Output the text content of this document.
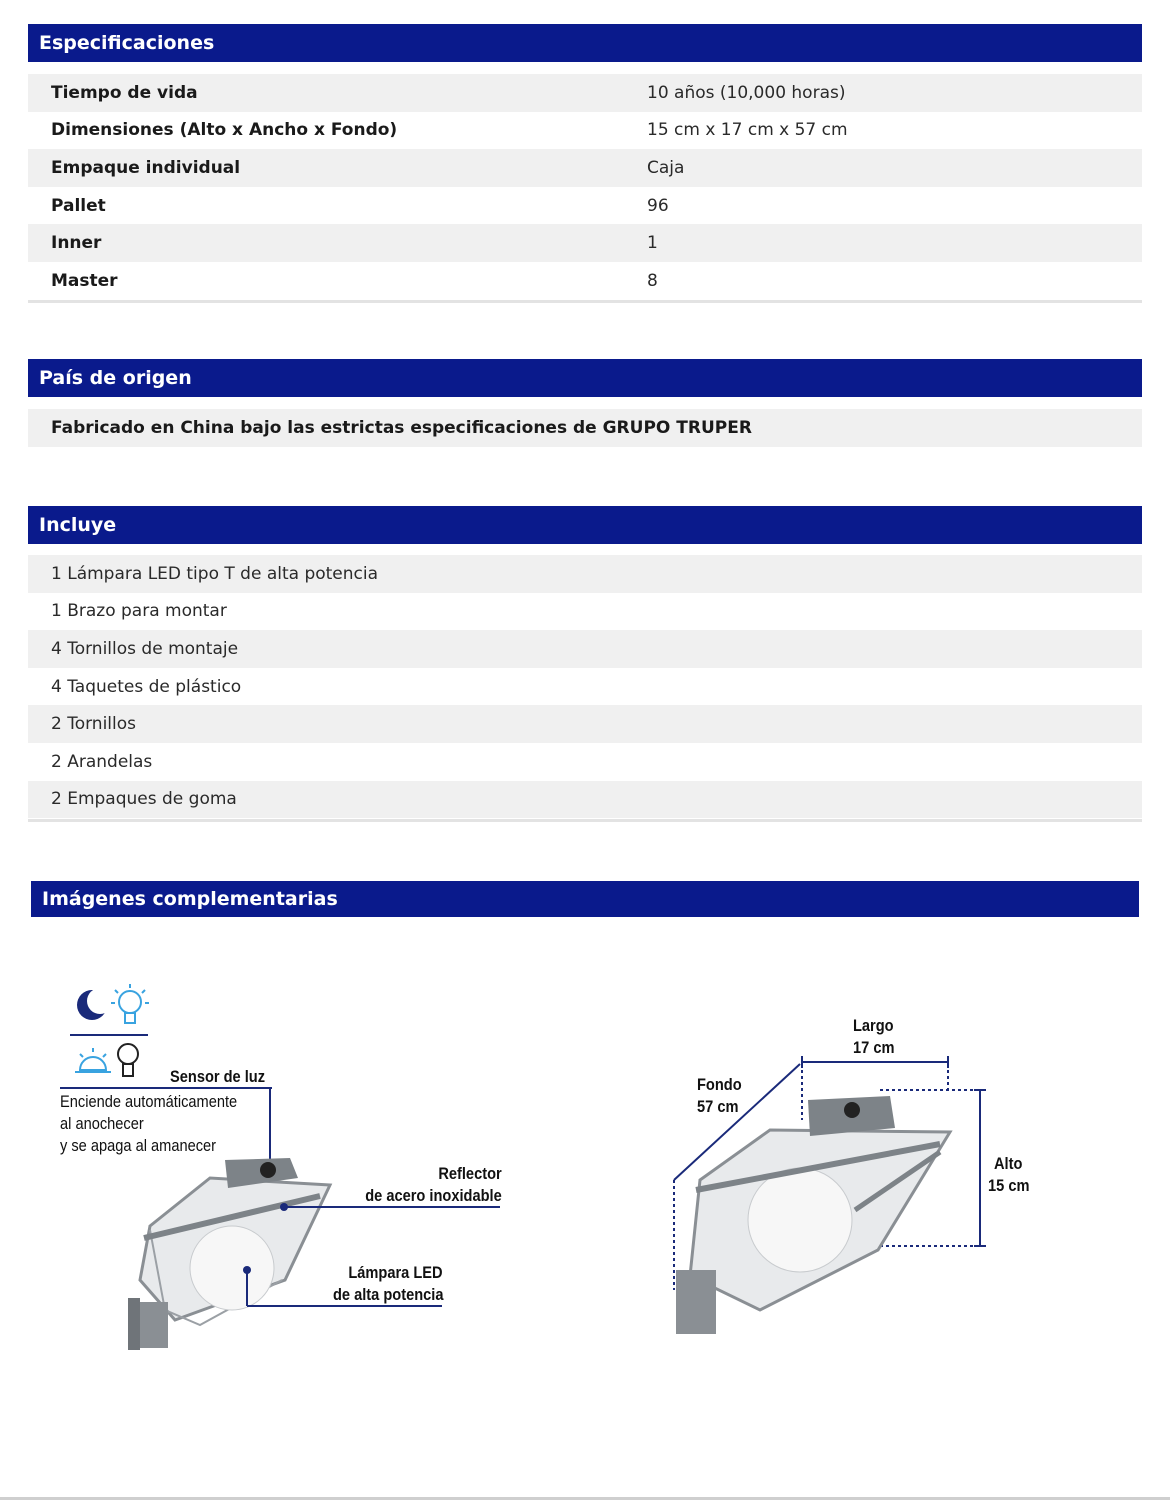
Especificaciones
Tiempo de vida	10 años (10,000 horas)
Dimensiones (Alto x Ancho x Fondo)	15 cm x 17 cm x 57 cm
Empaque individual	Caja
Pallet	96
Inner	1
Master	8
País de origen
Fabricado en China bajo las estrictas especificaciones de GRUPO TRUPER
Incluye
1 Lámpara LED tipo T de alta potencia
1 Brazo para montar
4 Tornillos de montaje
4 Taquetes de plástico
2 Tornillos
2 Arandelas
2 Empaques de goma
Imágenes complementarias
Sensor de luz
Enciende automáticamente
al anochecer
y se apaga al amanecer
Reflector
de acero inoxidable
Lámpara LED
de alta potencia
Largo
17 cm
Fondo
57 cm
Alto
15 cm
